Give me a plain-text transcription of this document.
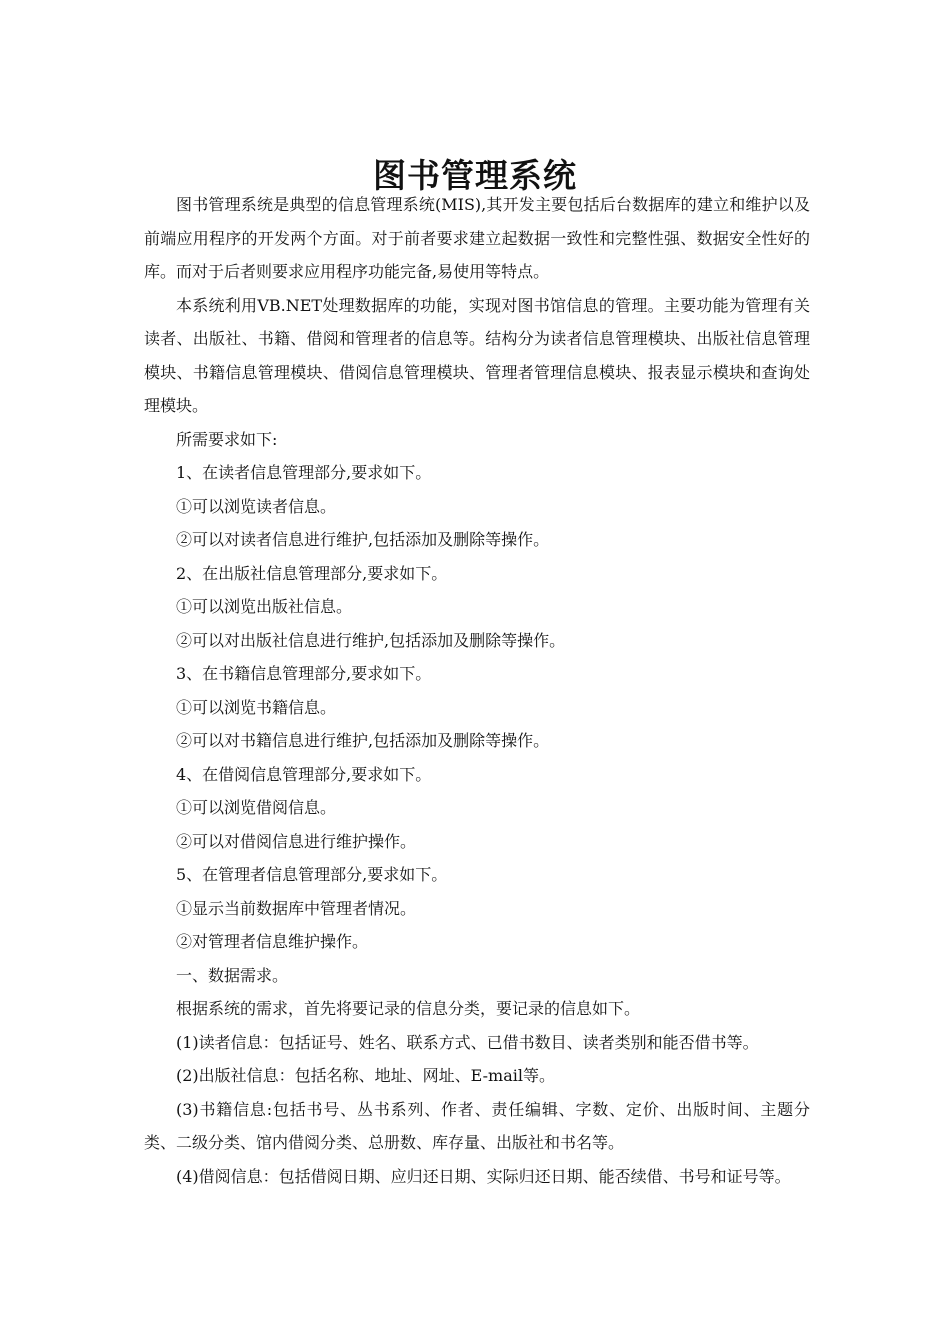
图书管理系统

图书管理系统是典型的信息管理系统(MIS),其开发主要包括后台数据库的建立和维护以及前端应用程序的开发两个方面。对于前者要求建立起数据一致性和完整性强、数据安全性好的库。而对于后者则要求应用程序功能完备,易使用等特点。

本系统利用VB.NET处理数据库的功能，实现对图书馆信息的管理。主要功能为管理有关读者、出版社、书籍、借阅和管理者的信息等。结构分为读者信息管理模块、出版社信息管理模块、书籍信息管理模块、借阅信息管理模块、管理者管理信息模块、报表显示模块和查询处理模块。

所需要求如下:

1、在读者信息管理部分,要求如下。

①可以浏览读者信息。

②可以对读者信息进行维护,包括添加及删除等操作。

2、在出版社信息管理部分,要求如下。

①可以浏览出版社信息。

②可以对出版社信息进行维护,包括添加及删除等操作。

3、在书籍信息管理部分,要求如下。

①可以浏览书籍信息。

②可以对书籍信息进行维护,包括添加及删除等操作。

4、在借阅信息管理部分,要求如下。

①可以浏览借阅信息。

②可以对借阅信息进行维护操作。

5、在管理者信息管理部分,要求如下。

①显示当前数据库中管理者情况。

②对管理者信息维护操作。

一、数据需求。

根据系统的需求，首先将要记录的信息分类，要记录的信息如下。

(1)读者信息：包括证号、姓名、联系方式、已借书数目、读者类别和能否借书等。

(2)出版社信息：包括名称、地址、网址、E-mail等。

(3)书籍信息:包括书号、丛书系列、作者、责任编辑、字数、定价、出版时间、主题分类、二级分类、馆内借阅分类、总册数、库存量、出版社和书名等。

(4)借阅信息：包括借阅日期、应归还日期、实际归还日期、能否续借、书号和证号等。
